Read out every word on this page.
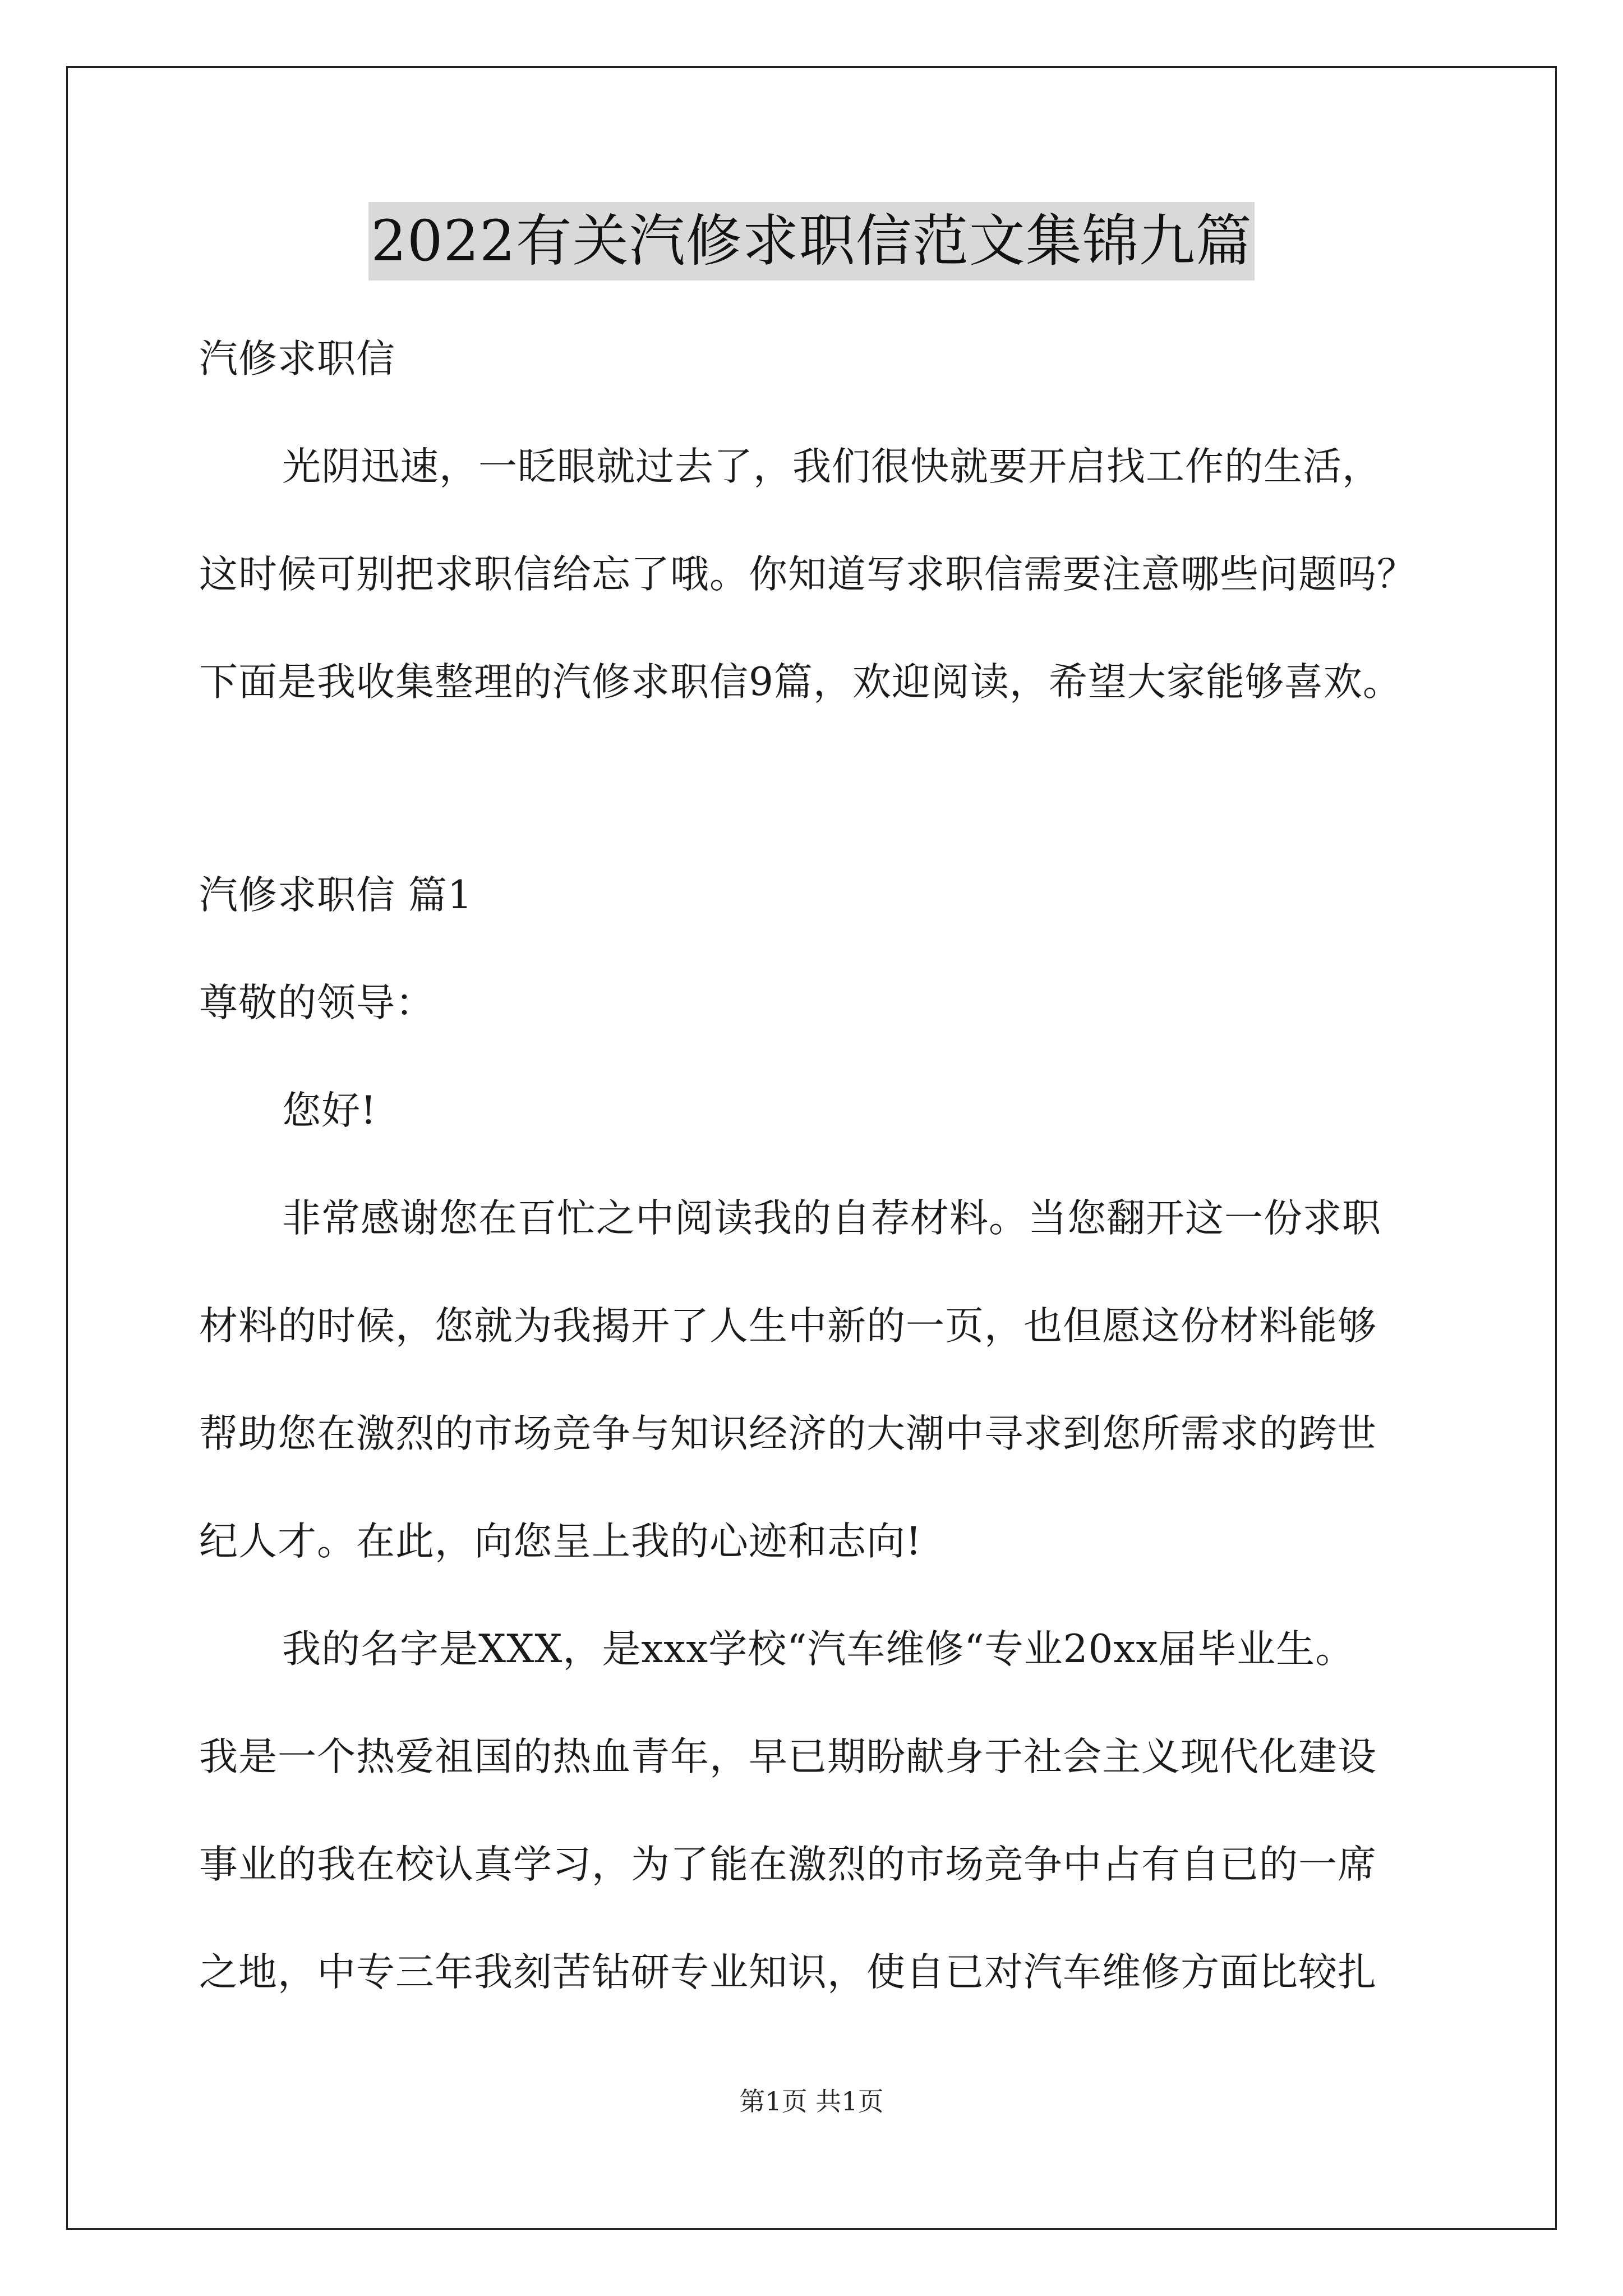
2022有关汽修求职信范文集锦九篇
汽修求职信
光阴迅速，一眨眼就过去了，我们很快就要开启找工作的生活，
这时候可别把求职信给忘了哦。你知道写求职信需要注意哪些问题吗？
下面是我收集整理的汽修求职信9篇，欢迎阅读，希望大家能够喜欢。
汽修求职信 篇1
尊敬的领导：
您好!
非常感谢您在百忙之中阅读我的自荐材料。当您翻开这一份求职
材料的时候，您就为我揭开了人生中新的一页，也但愿这份材料能够
帮助您在激烈的市场竞争与知识经济的大潮中寻求到您所需求的跨世
纪人才。在此，向您呈上我的心迹和志向!
我的名字是XXX，是xxx学校“汽车维修“专业20xx届毕业生。
我是一个热爱祖国的热血青年，早已期盼献身于社会主义现代化建设
事业的我在校认真学习，为了能在激烈的市场竞争中占有自已的一席
之地，中专三年我刻苦钻研专业知识，使自已对汽车维修方面比较扎
第1页 共1页
